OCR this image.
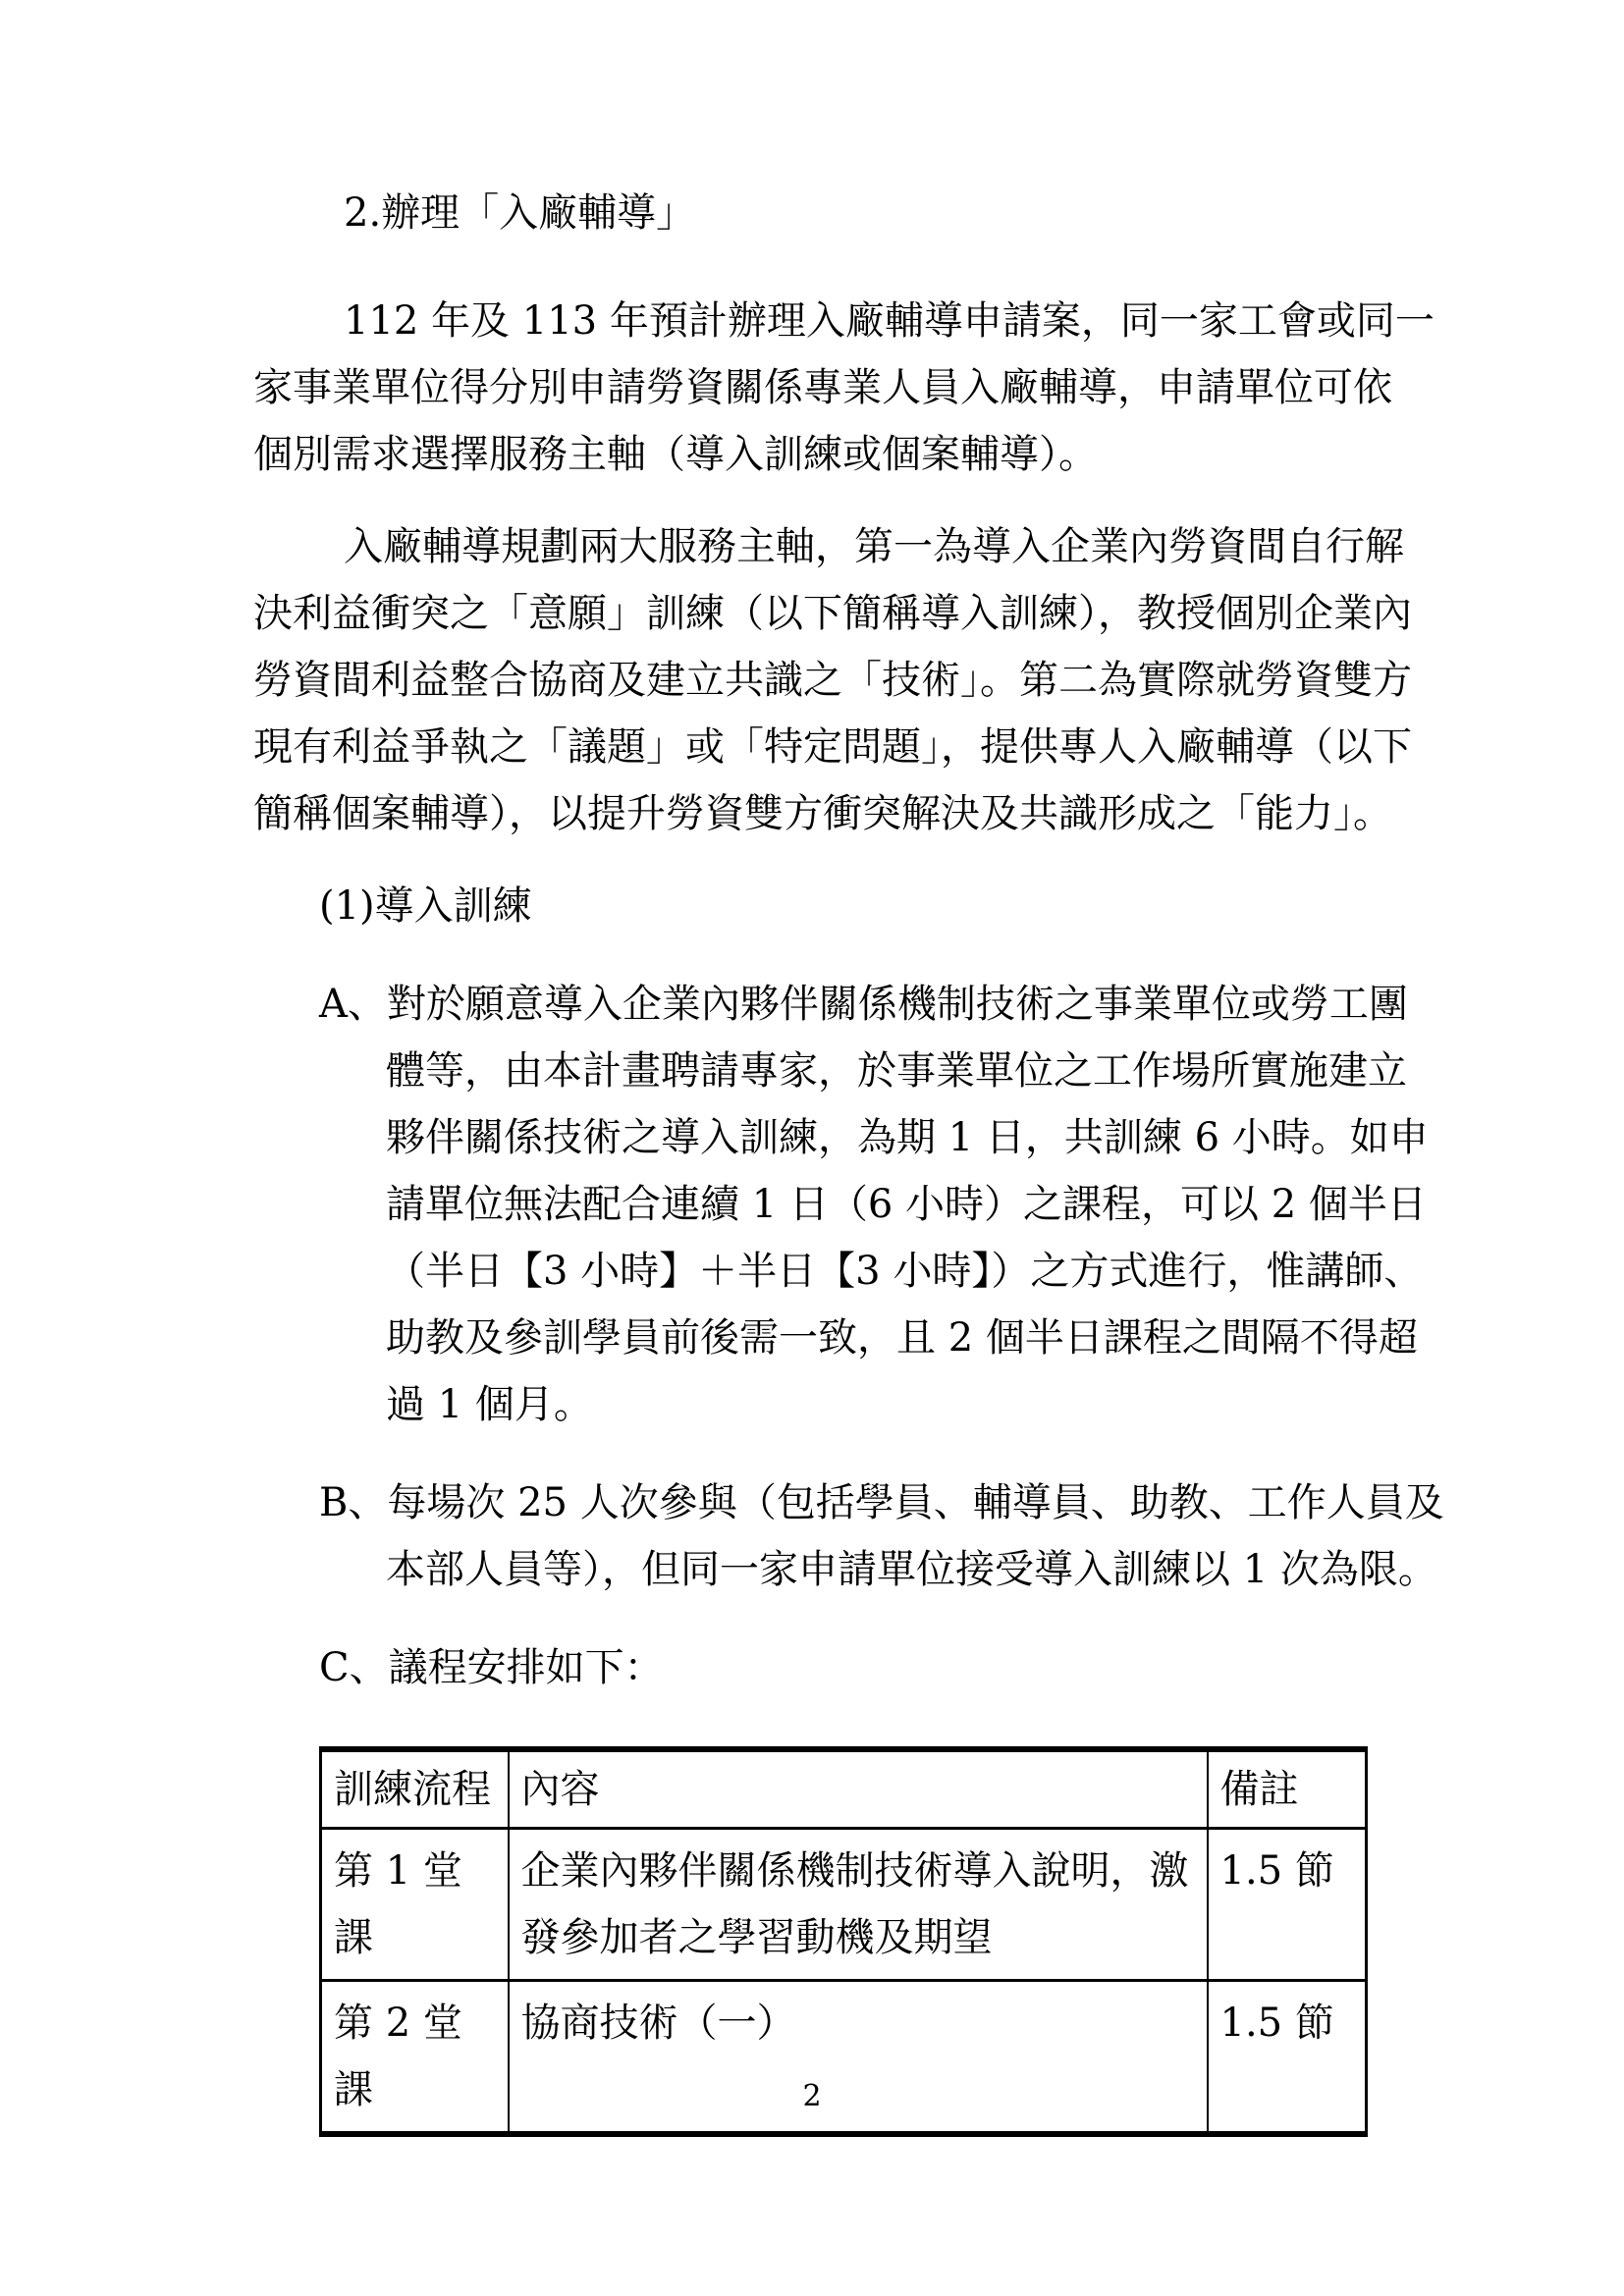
2.辦理「入廠輔導」
112 年及 113 年預計辦理入廠輔導申請案，同一家工會或同一
家事業單位得分別申請勞資關係專業人員入廠輔導，申請單位可依
個別需求選擇服務主軸（導入訓練或個案輔導）。
入廠輔導規劃兩大服務主軸，第一為導入企業內勞資間自行解
決利益衝突之「意願」訓練（以下簡稱導入訓練），教授個別企業內
勞資間利益整合協商及建立共識之「技術」。第二為實際就勞資雙方
現有利益爭執之「議題」或「特定問題」，提供專人入廠輔導（以下
簡稱個案輔導），以提升勞資雙方衝突解決及共識形成之「能力」。
(1)導入訓練
A、對於願意導入企業內夥伴關係機制技術之事業單位或勞工團
體等，由本計畫聘請專家，於事業單位之工作場所實施建立
夥伴關係技術之導入訓練，為期 1 日，共訓練 6 小時。如申
請單位無法配合連續 1 日（6 小時）之課程，可以 2 個半日
（半日【3 小時】＋半日【3 小時】）之方式進行，惟講師、
助教及參訓學員前後需一致，且 2 個半日課程之間隔不得超
過 1 個月。
B、每場次 25 人次參與（包括學員、輔導員、助教、工作人員及
本部人員等），但同一家申請單位接受導入訓練以 1 次為限。
C、議程安排如下：
訓練流程	內容	備註
第 1 堂課	企業內夥伴關係機制技術導入說明，激發參加者之學習動機及期望	1.5 節
第 2 堂課	協商技術（一）	1.5 節
2
